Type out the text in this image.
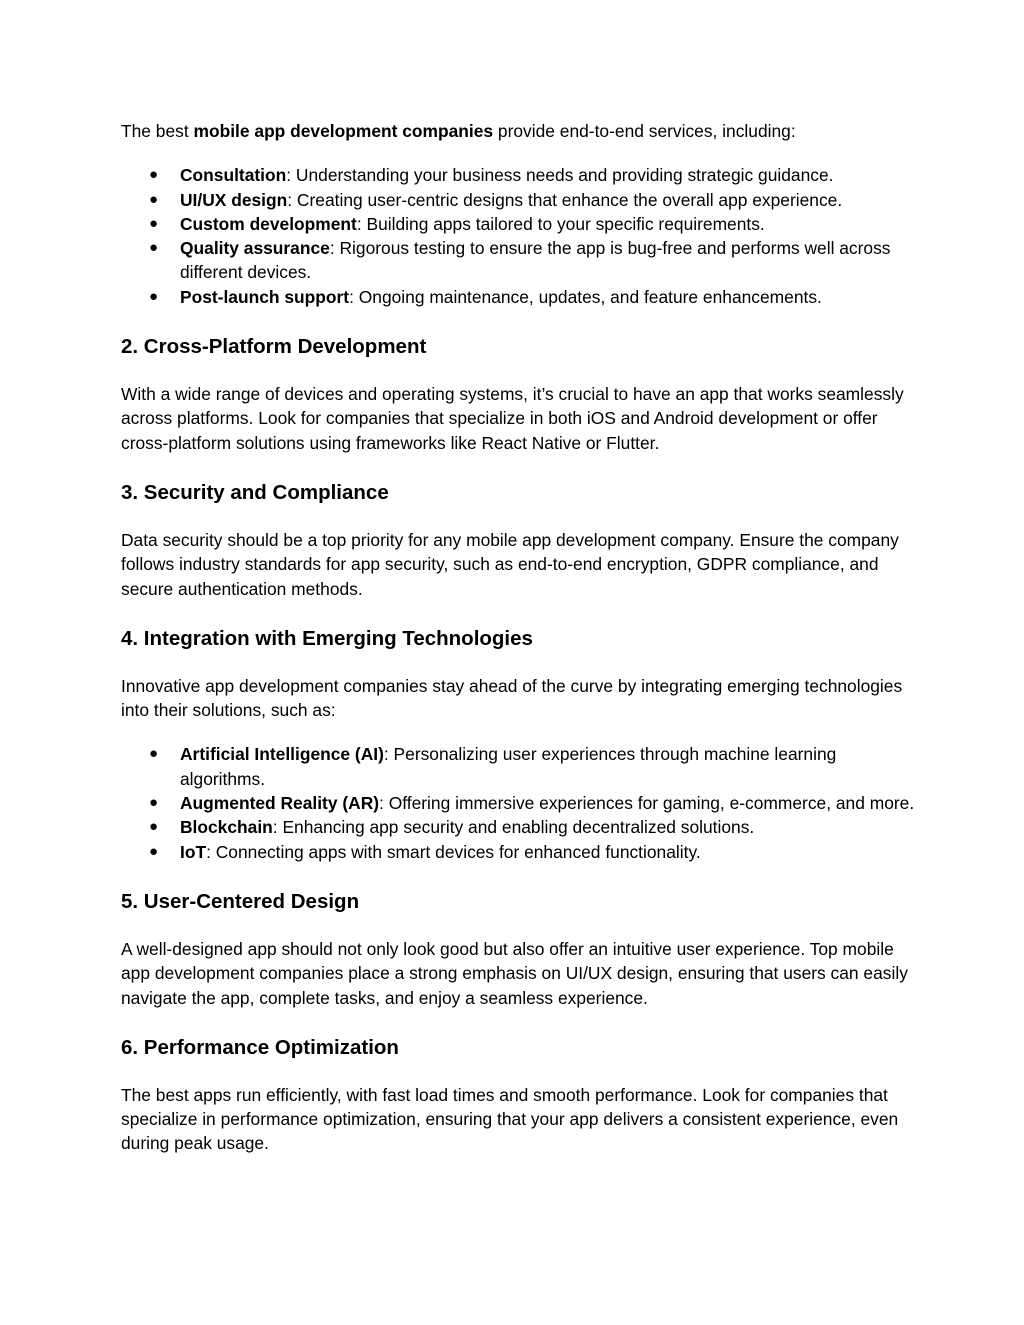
The best mobile app development companies provide end-to-end services, including:

● Consultation: Understanding your business needs and providing strategic guidance.
● UI/UX design: Creating user-centric designs that enhance the overall app experience.
● Custom development: Building apps tailored to your specific requirements.
● Quality assurance: Rigorous testing to ensure the app is bug-free and performs well across different devices.
● Post-launch support: Ongoing maintenance, updates, and feature enhancements.
2. Cross-Platform Development

With a wide range of devices and operating systems, it’s crucial to have an app that works seamlessly across platforms. Look for companies that specialize in both iOS and Android development or offer cross-platform solutions using frameworks like React Native or Flutter.

3. Security and Compliance

Data security should be a top priority for any mobile app development company. Ensure the company follows industry standards for app security, such as end-to-end encryption, GDPR compliance, and secure authentication methods.

4. Integration with Emerging Technologies

Innovative app development companies stay ahead of the curve by integrating emerging technologies into their solutions, such as:

● Artificial Intelligence (AI): Personalizing user experiences through machine learning algorithms.
● Augmented Reality (AR): Offering immersive experiences for gaming, e-commerce, and more.
● Blockchain: Enhancing app security and enabling decentralized solutions.
● IoT: Connecting apps with smart devices for enhanced functionality.
5. User-Centered Design

A well-designed app should not only look good but also offer an intuitive user experience. Top mobile app development companies place a strong emphasis on UI/UX design, ensuring that users can easily navigate the app, complete tasks, and enjoy a seamless experience.

6. Performance Optimization

The best apps run efficiently, with fast load times and smooth performance. Look for companies that specialize in performance optimization, ensuring that your app delivers a consistent experience, even during peak usage.
